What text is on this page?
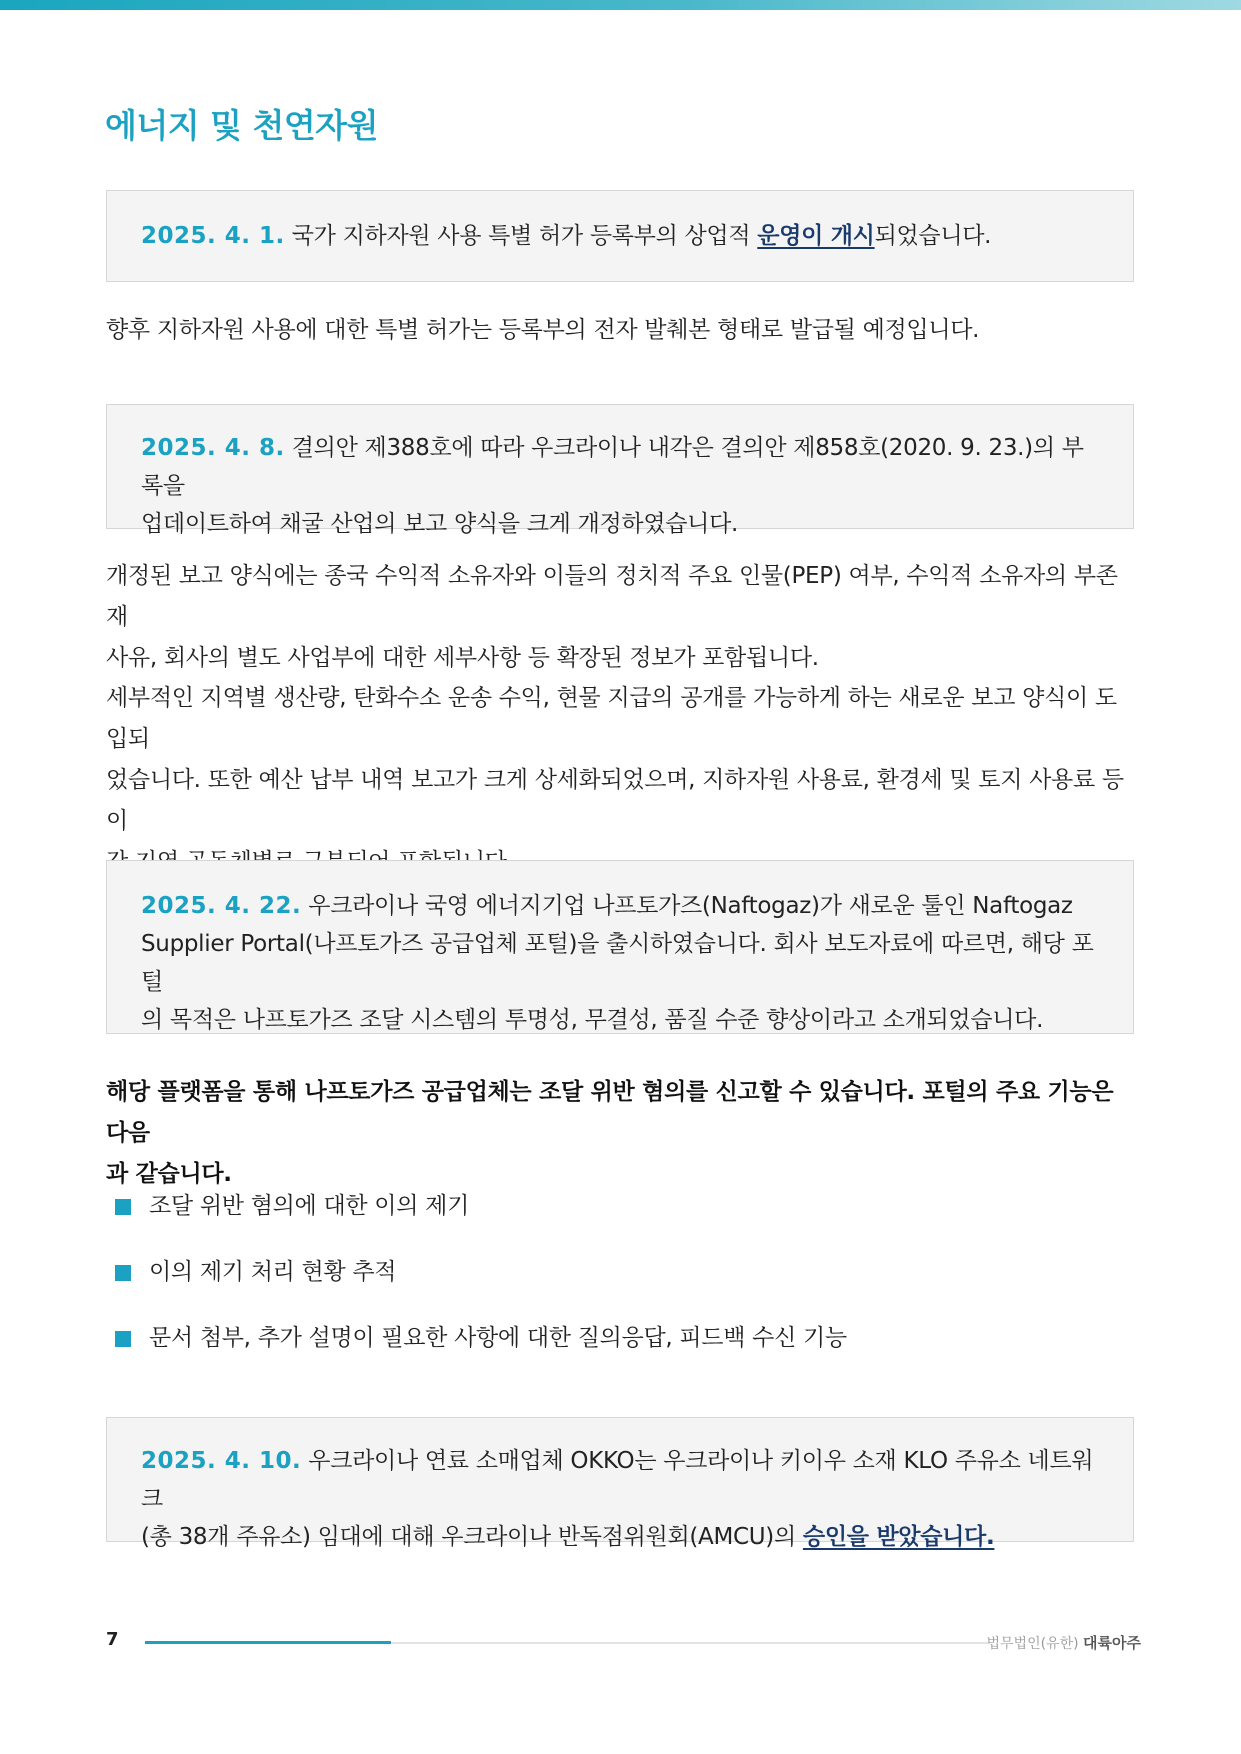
에너지 및 천연자원
2025. 4. 1. 국가 지하자원 사용 특별 허가 등록부의 상업적 운영이 개시되었습니다.

향후 지하자원 사용에 대한 특별 허가는 등록부의 전자 발췌본 형태로 발급될 예정입니다.

2025. 4. 8. 결의안 제388호에 따라 우크라이나 내각은 결의안 제858호(2020. 9. 23.)의 부록을
업데이트하여 채굴 산업의 보고 양식을 크게 개정하였습니다.

개정된 보고 양식에는 종국 수익적 소유자와 이들의 정치적 주요 인물(PEP) 여부, 수익적 소유자의 부존재
사유, 회사의 별도 사업부에 대한 세부사항 등 확장된 정보가 포함됩니다.

세부적인 지역별 생산량, 탄화수소 운송 수익, 현물 지급의 공개를 가능하게 하는 새로운 보고 양식이 도입되
었습니다. 또한 예산 납부 내역 보고가 크게 상세화되었으며, 지하자원 사용료, 환경세 및 토지 사용료 등이

2025. 4. 22. 우크라이나 국영 에너지기업 나프토가즈(Naftogaz)가 새로운 툴인 Naftogaz
Supplier Portal(나프토가즈 공급업체 포털)을 출시하였습니다. 회사 보도자료에 따르면, 해당 포털
의 목적은 나프토가즈 조달 시스템의 투명성, 무결성, 품질 수준 향상이라고 소개되었습니다.

해당 플랫폼을 통해 나프토가즈 공급업체는 조달 위반 혐의를 신고할 수 있습니다. 포털의 주요 기능은 다음
과 같습니다.

조달 위반 혐의에 대한 이의 제기
이의 제기 처리 현황 추적
문서 첨부, 추가 설명이 필요한 사항에 대한 질의응답, 피드백 수신 기능
2025. 4. 10. 우크라이나 연료 소매업체 OKKO는 우크라이나 키이우 소재 KLO 주유소 네트워크
(총 38개 주유소) 임대에 대해 우크라이나 반독점위원회(AMCU)의 승인을 받았습니다.
7	법무법인(유한) 대륙아주
